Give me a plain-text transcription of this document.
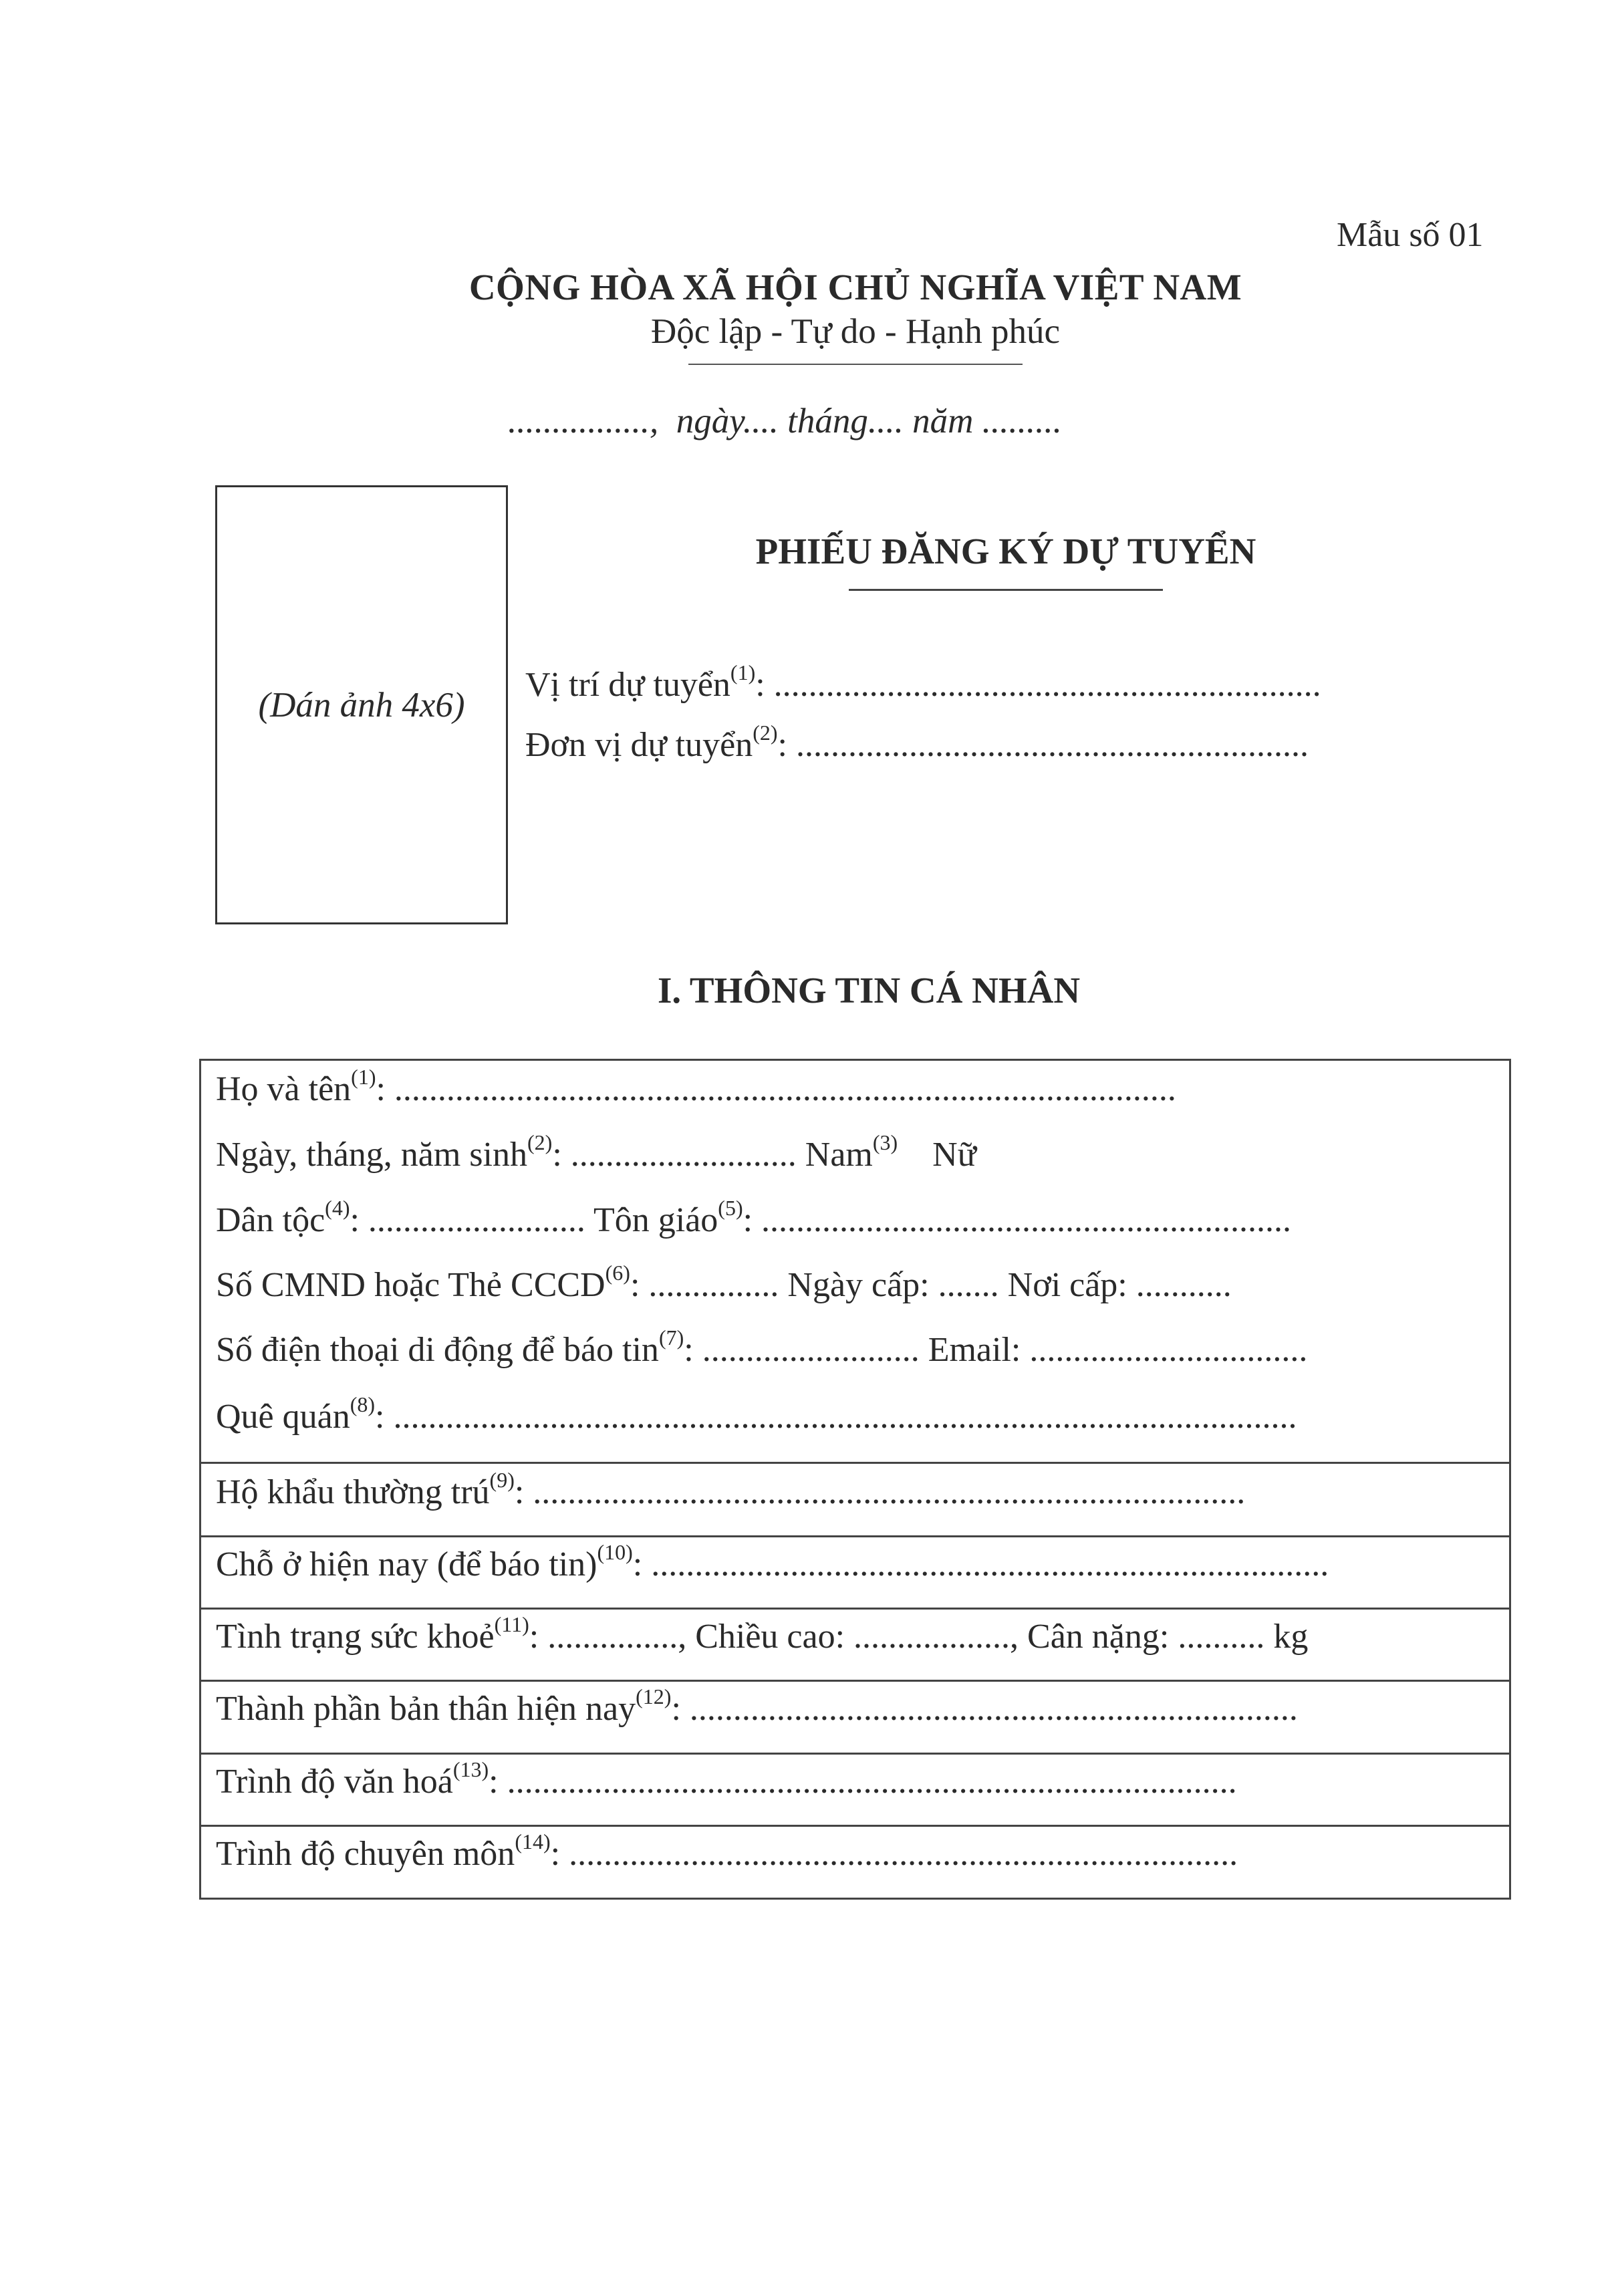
Mẫu số 01
CỘNG HÒA XÃ HỘI CHỦ NGHĨA VIỆT NAM
Độc lập - Tự do - Hạnh phúc
................,  ngày.... tháng.... năm .........
(Dán ảnh 4x6)
PHIẾU ĐĂNG KÝ DỰ TUYỂN
Vị trí dự tuyển$^{(1)}$: ...............................................................
Đơn vị dự tuyển$^{(2)}$: ...........................................................
I. THÔNG TIN CÁ NHÂN
Họ và tên$^{(1)}$: ..........................................................................................
Ngày, tháng, năm $\sinh^{(2)}$: .......................... Nam$^{(3)}$ Nữ
Dân tộc$^{(4)}$: ......................... Tôn giáo$^{(5)}$: .............................................................
Số CMND hoặc Thẻ CCCD$^{(6)}$: ............... Ngày cấp: ....... Nơi cấp: ...........
Số điện thoại di động để báo tin$^{(7)}$: ......................... Email: ................................
Quê quán$^{(8)}$: ........................................................................................................
Hộ khẩu thường trú$^{(9)}$: ..................................................................................
Chỗ ở hiện nay (để báo tin)$^{(10)}$: ..............................................................................
Tình trạng sức khoẻ$^{(11)}$: ..............., Chiều cao: .................., Cân nặng: .......... kg
Thành phần bản thân hiện nay$^{(12)}$: ......................................................................
Trình độ văn hoá$^{(13)}$: ....................................................................................
Trình độ chuyên môn$^{(14)}$: .............................................................................
